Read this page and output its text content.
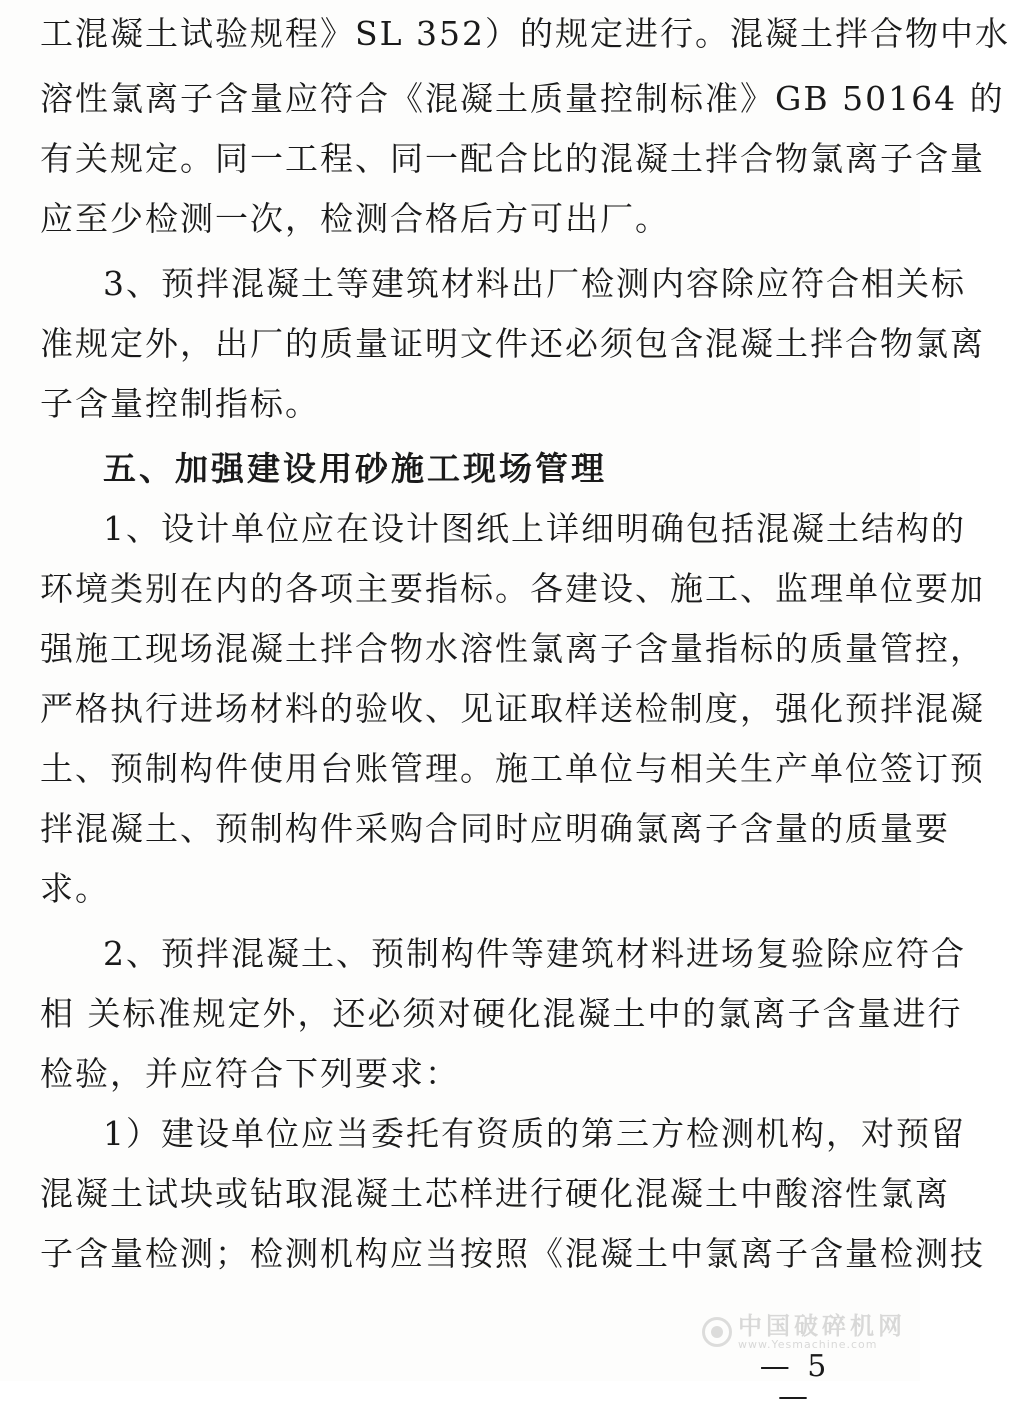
工混凝土试验规程》SL 352）的规定进行。混凝土拌合物中水
溶性氯离子含量应符合《混凝土质量控制标准》GB 50164 的
有关规定。同一工程、同一配合比的混凝土拌合物氯离子含量
应至少检测一次，检测合格后方可出厂。
3、预拌混凝土等建筑材料出厂检测内容除应符合相关标
准规定外，出厂的质量证明文件还必须包含混凝土拌合物氯离
子含量控制指标。
五、加强建设用砂施工现场管理
1、设计单位应在设计图纸上详细明确包括混凝土结构的
环境类别在内的各项主要指标。各建设、施工、监理单位要加
强施工现场混凝土拌合物水溶性氯离子含量指标的质量管控，
严格执行进场材料的验收、见证取样送检制度，强化预拌混凝
土、预制构件使用台账管理。施工单位与相关生产单位签订预
拌混凝土、预制构件采购合同时应明确氯离子含量的质量要
求。
2、预拌混凝土、预制构件等建筑材料进场复验除应符合
相 关标准规定外，还必须对硬化混凝土中的氯离子含量进行
检验，并应符合下列要求：
1）建设单位应当委托有资质的第三方检测机构，对预留
混凝土试块或钻取混凝土芯样进行硬化混凝土中酸溶性氯离
子含量检测；检测机构应当按照《混凝土中氯离子含量检测技
中国破碎机网
www.Yesmachine.com
— 5 —
